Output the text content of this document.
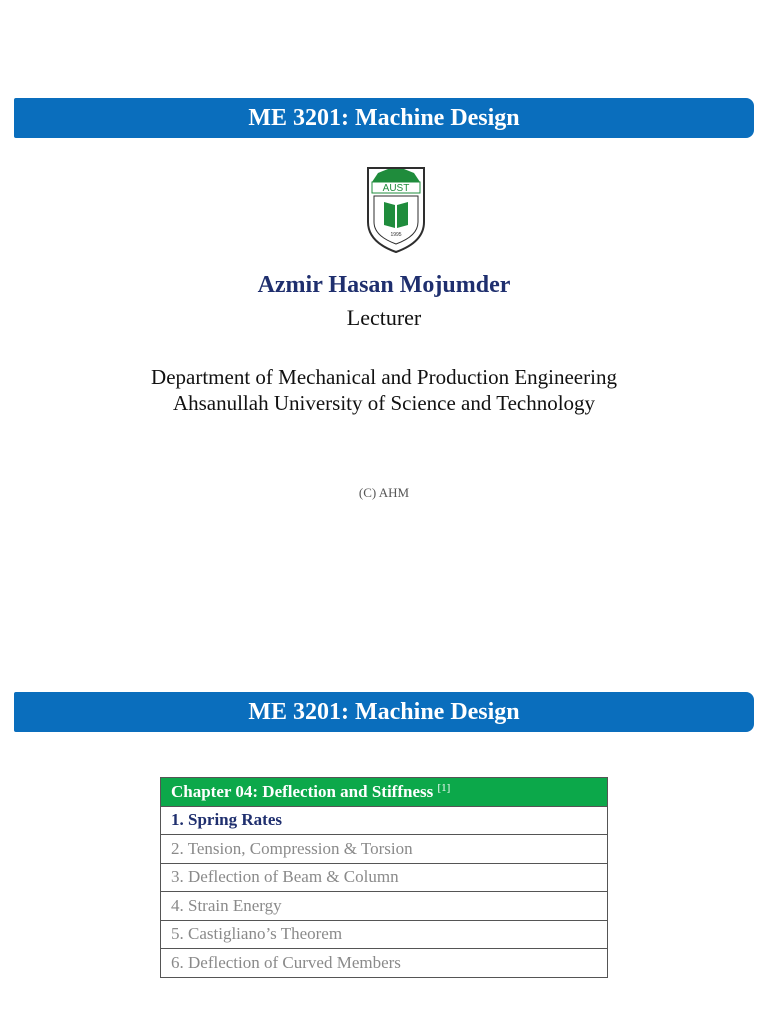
ME 3201: Machine Design
AUST
1995
Azmir Hasan Mojumder
Lecturer
Department of Mechanical and Production Engineering
Ahsanullah University of Science and Technology
(C) AHM
ME 3201: Machine Design
Chapter 04: Deflection and Stiffness [1]
1. Spring Rates
2. Tension, Compression & Torsion
3. Deflection of Beam & Column
4. Strain Energy
5. Castigliano’s Theorem
6. Deflection of Curved Members
